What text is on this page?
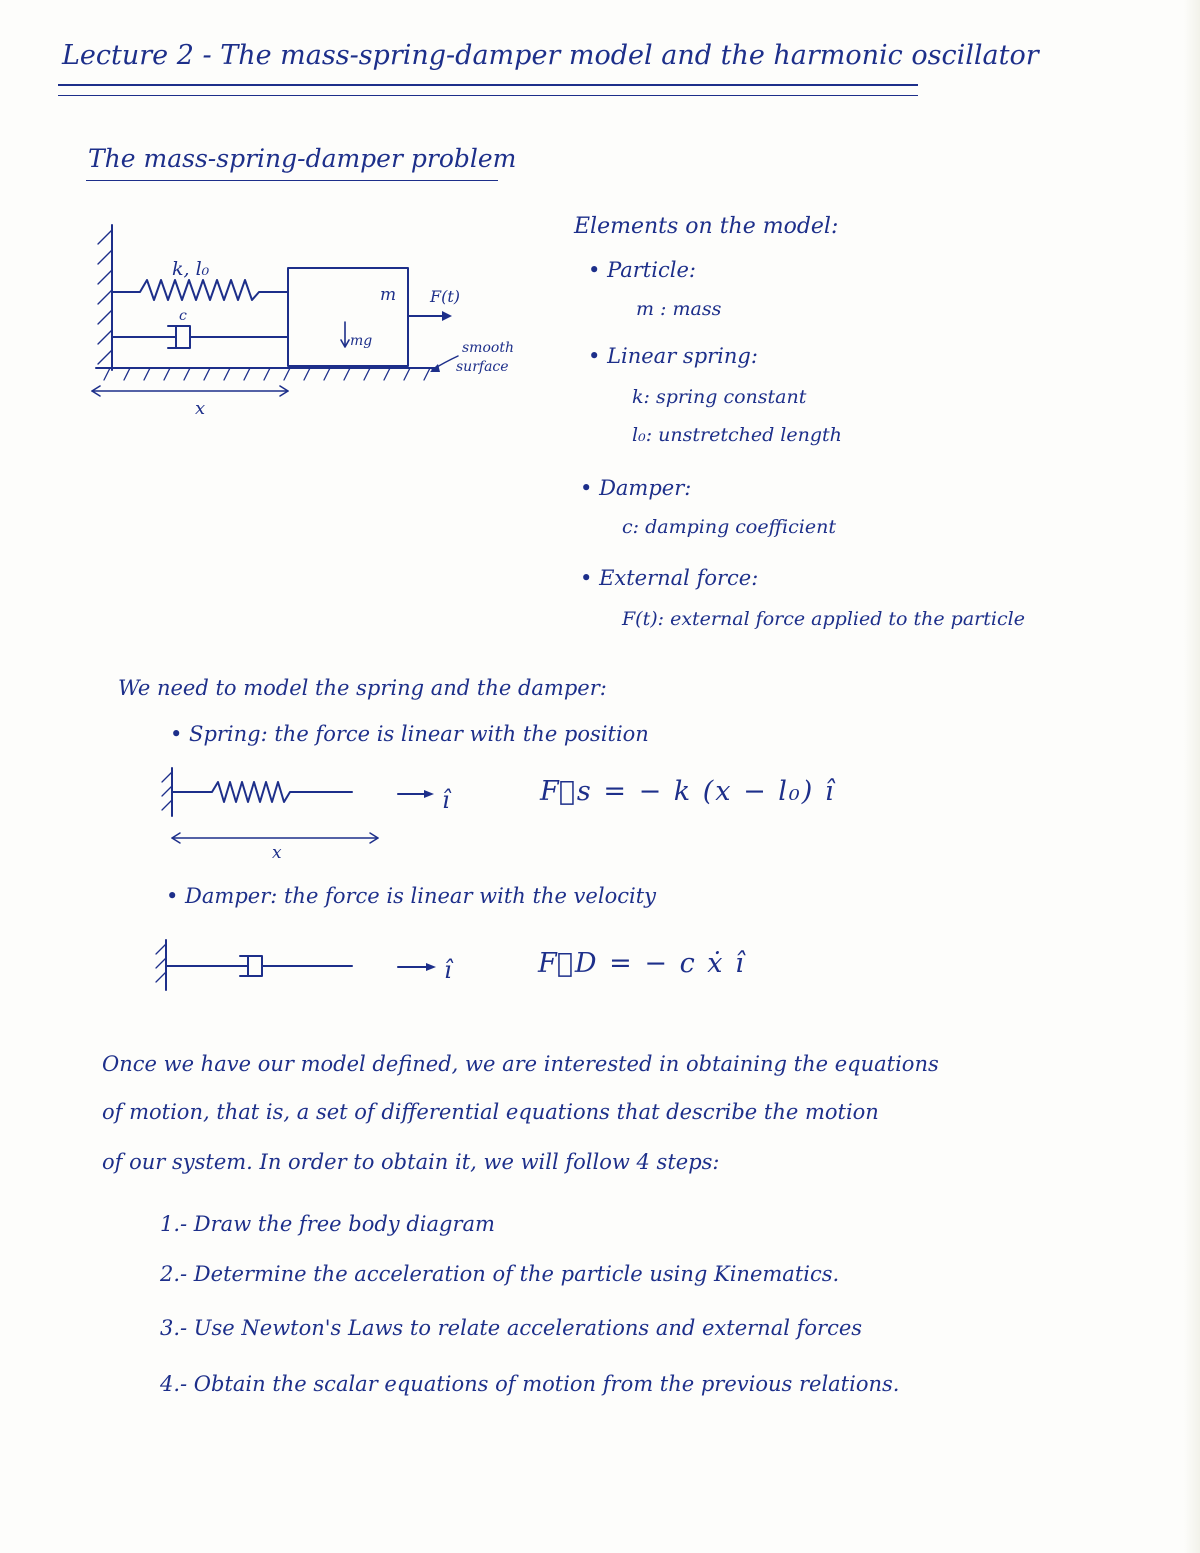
Lecture 2 - The mass-spring-damper model and the harmonic oscillator
The mass-spring-damper problem
k, l₀
c
m F(t)
mg	smooth
surface
x
Elements on the model:
• Particle:
m : mass
• Linear spring:
k: spring constant
l₀: unstretched length
• Damper:
c: damping coefficient
• External force:
F(t): external force applied to the particle
We need to model the spring and the damper:
• Spring: the force is linear with the position
î
x
F⃗s = − k (x − l₀) î
• Damper: the force is linear with the velocity
î	F⃗D = − c ẋ î
Once we have our model defined, we are interested in obtaining the equations
of motion, that is, a set of differential equations that describe the motion
of our system. In order to obtain it, we will follow 4 steps:
1.- Draw the free body diagram
2.- Determine the acceleration of the particle using Kinematics.
3.- Use Newton's Laws to relate accelerations and external forces
4.- Obtain the scalar equations of motion from the previous relations.
